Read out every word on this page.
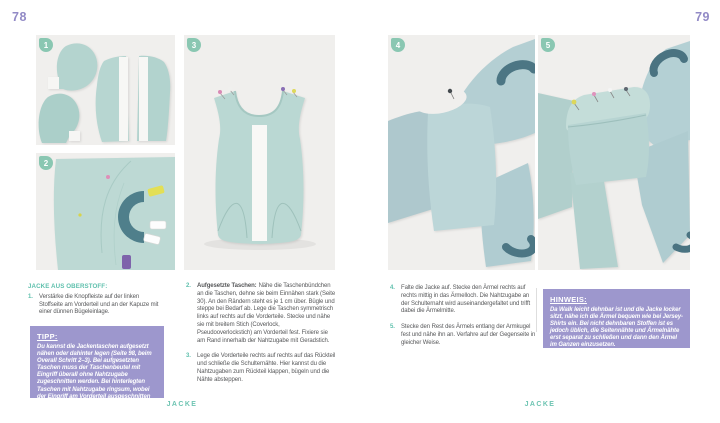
78	79
1
2
3	4	5
JACKE AUS OBERSTOFF:
1.	Verstärke die Knopfleiste auf der linken Stoffseite am Vorderteil und an der Kapuze mit einer dünnen Bügeleinlage.
TIPP:
Du kannst die Jackentaschen aufgesetzt nähen oder dahinter legen (Seite 98, beim Overall Schritt 2–3). Bei aufgesetzten Taschen muss der Taschenbeutel mit Eingriff überall ohne Nahtzugabe zugeschnitten werden. Bei hinterlegten Taschen mit Nahtzugabe ringsum, wobei der Eingriff am Vorderteil ausgeschnitten wird.
2.	Aufgesetzte Taschen: Nähe die Taschenbündchen an die Taschen, dehne sie beim Einnähen stark (Seite 30). An den Rändern steht es je 1 cm über. Bügle und steppe bei Bedarf ab. Lege die Taschen symmetrisch links auf rechts auf die Vorderteile. Stecke und nähe sie mit breitem Stich (Coverlock, Pseudooverlockstich) am Vorderteil fest. Fixiere sie am Rand innerhalb der Nahtzugabe mit Geradstich.
3.	Lege die Vorderteile rechts auf rechts auf das Rückteil und schließe die Schulternähte. Hier kannst du die Nahtzugaben zum Rückteil klappen, bügeln und die Nähte absteppen.
JACKE
4.	Falte die Jacke auf. Stecke den Ärmel rechts auf rechts mittig in das Ärmelloch. Die Nahtzugabe an der Schulternaht wird auseinandergefaltet und trifft dabei die Ärmelmitte.
5.	Stecke den Rest des Ärmels entlang der Armkugel fest und nähe ihn an. Verfahre auf der Gegenseite in gleicher Weise.
HINWEIS:
Da Walk leicht dehnbar ist und die Jacke locker sitzt, nähe ich die Ärmel bequem wie bei Jersey-Shirts ein. Bei nicht dehnbaren Stoffen ist es jedoch üblich, die Seitennähte und Ärmelnähte erst separat zu schließen und dann den Ärmel im Ganzen einzusetzen.
JACKE
